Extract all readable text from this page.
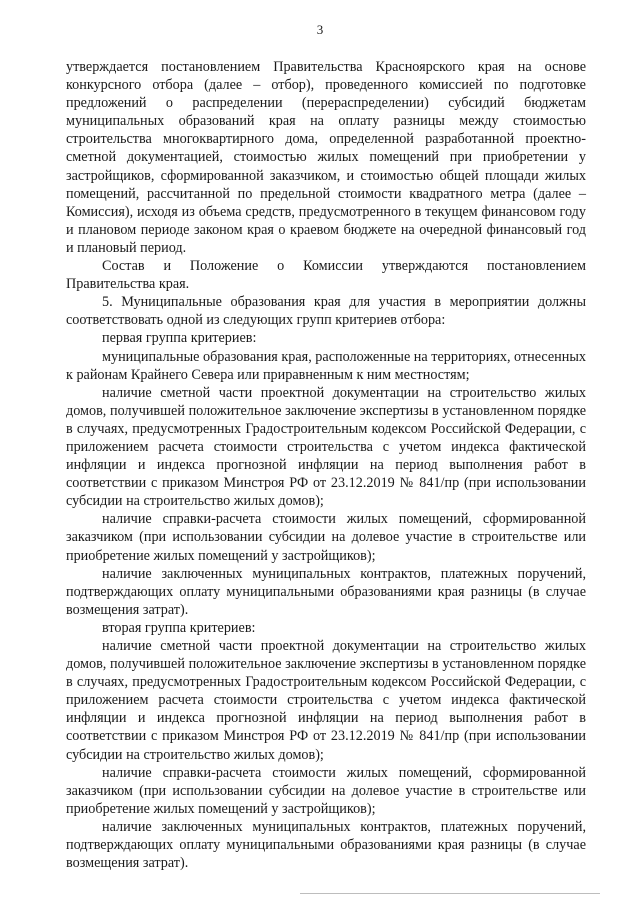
3

утверждается постановлением Правительства Красноярского края на основе конкурсного отбора (далее – отбор), проведенного комиссией по подготовке предложений о распределении (перераспределении) субсидий бюджетам муниципальных образований края на оплату разницы между стоимостью строительства многоквартирного дома, определенной разработанной проектно-сметной документацией, стоимостью жилых помещений при приобретении у застройщиков, сформированной заказчиком, и стоимостью общей площади жилых помещений, рассчитанной по предельной стоимости квадратного метра (далее – Комиссия), исходя из объема средств, предусмотренного в текущем финансовом году и плановом периоде законом края о краевом бюджете на очередной финансовый год и плановый период.

Состав и Положение о Комиссии утверждаются постановлением Правительства края.

5. Муниципальные образования края для участия в мероприятии должны соответствовать одной из следующих групп критериев отбора:

первая группа критериев:

муниципальные образования края, расположенные на территориях, отнесенных к районам Крайнего Севера или приравненным к ним местностям;

наличие сметной части проектной документации на строительство жилых домов, получившей положительное заключение экспертизы в установленном порядке в случаях, предусмотренных Градостроительным кодексом Российской Федерации, с приложением расчета стоимости строительства с учетом индекса фактической инфляции и индекса прогнозной инфляции на период выполнения работ в соответствии с приказом Минстроя РФ от 23.12.2019 № 841/пр (при использовании субсидии на строительство жилых домов);

наличие справки-расчета стоимости жилых помещений, сформированной заказчиком (при использовании субсидии на долевое участие в строительстве или приобретение жилых помещений у застройщиков);

наличие заключенных муниципальных контрактов, платежных поручений, подтверждающих оплату муниципальными образованиями края разницы (в случае возмещения затрат).

вторая группа критериев:

наличие сметной части проектной документации на строительство жилых домов, получившей положительное заключение экспертизы в установленном порядке в случаях, предусмотренных Градостроительным кодексом Российской Федерации, с приложением расчета стоимости строительства с учетом индекса фактической инфляции и индекса прогнозной инфляции на период выполнения работ в соответствии с приказом Минстроя РФ от 23.12.2019 № 841/пр (при использовании субсидии на строительство жилых домов);

наличие справки-расчета стоимости жилых помещений, сформированной заказчиком (при использовании субсидии на долевое участие в строительстве или приобретение жилых помещений у застройщиков);

наличие заключенных муниципальных контрактов, платежных поручений, подтверждающих оплату муниципальными образованиями края разницы (в случае возмещения затрат).
